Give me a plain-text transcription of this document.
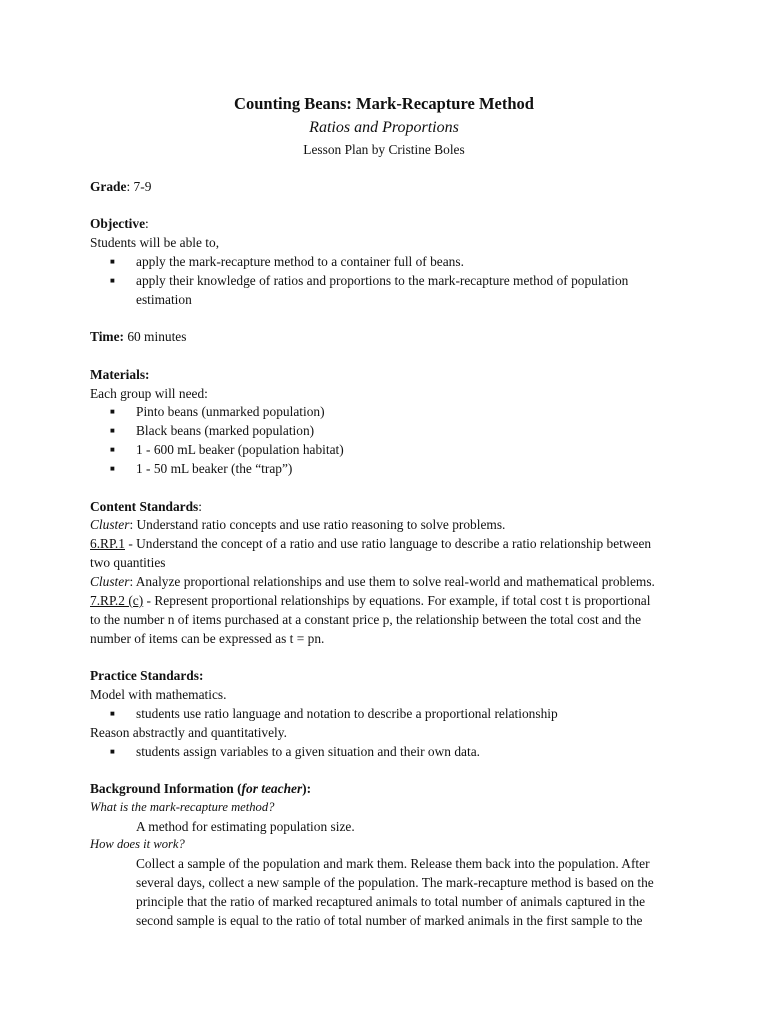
Counting Beans: Mark-Recapture Method
Ratios and Proportions
Lesson Plan by Cristine Boles
Grade: 7-9
Objective:
Students will be able to,
■ apply the mark-recapture method to a container full of beans.
■ apply their knowledge of ratios and proportions to the mark-recapture method of population
estimation
Time: 60 minutes
Materials:
Each group will need:
■ Pinto beans (unmarked population)
■ Black beans (marked population)
■ 1 - 600 mL beaker (population habitat)
■ 1 - 50 mL beaker (the “trap”)
Content Standards:
Cluster: Understand ratio concepts and use ratio reasoning to solve problems.
6.RP.1 - Understand the concept of a ratio and use ratio language to describe a ratio relationship between
two quantities
Cluster: Analyze proportional relationships and use them to solve real-world and mathematical problems.
7.RP.2 (c) - Represent proportional relationships by equations. For example, if total cost t is proportional
to the number n of items purchased at a constant price p, the relationship between the total cost and the
number of items can be expressed as t = pn.
Practice Standards:
Model with mathematics.
■ students use ratio language and notation to describe a proportional relationship
Reason abstractly and quantitatively.
■ students assign variables to a given situation and their own data.
Background Information (for teacher):
What is the mark-recapture method?
A method for estimating population size.
How does it work?
Collect a sample of the population and mark them. Release them back into the population. After
several days, collect a new sample of the population. The mark-recapture method is based on the
principle that the ratio of marked recaptured animals to total number of animals captured in the
second sample is equal to the ratio of total number of marked animals in the first sample to the
